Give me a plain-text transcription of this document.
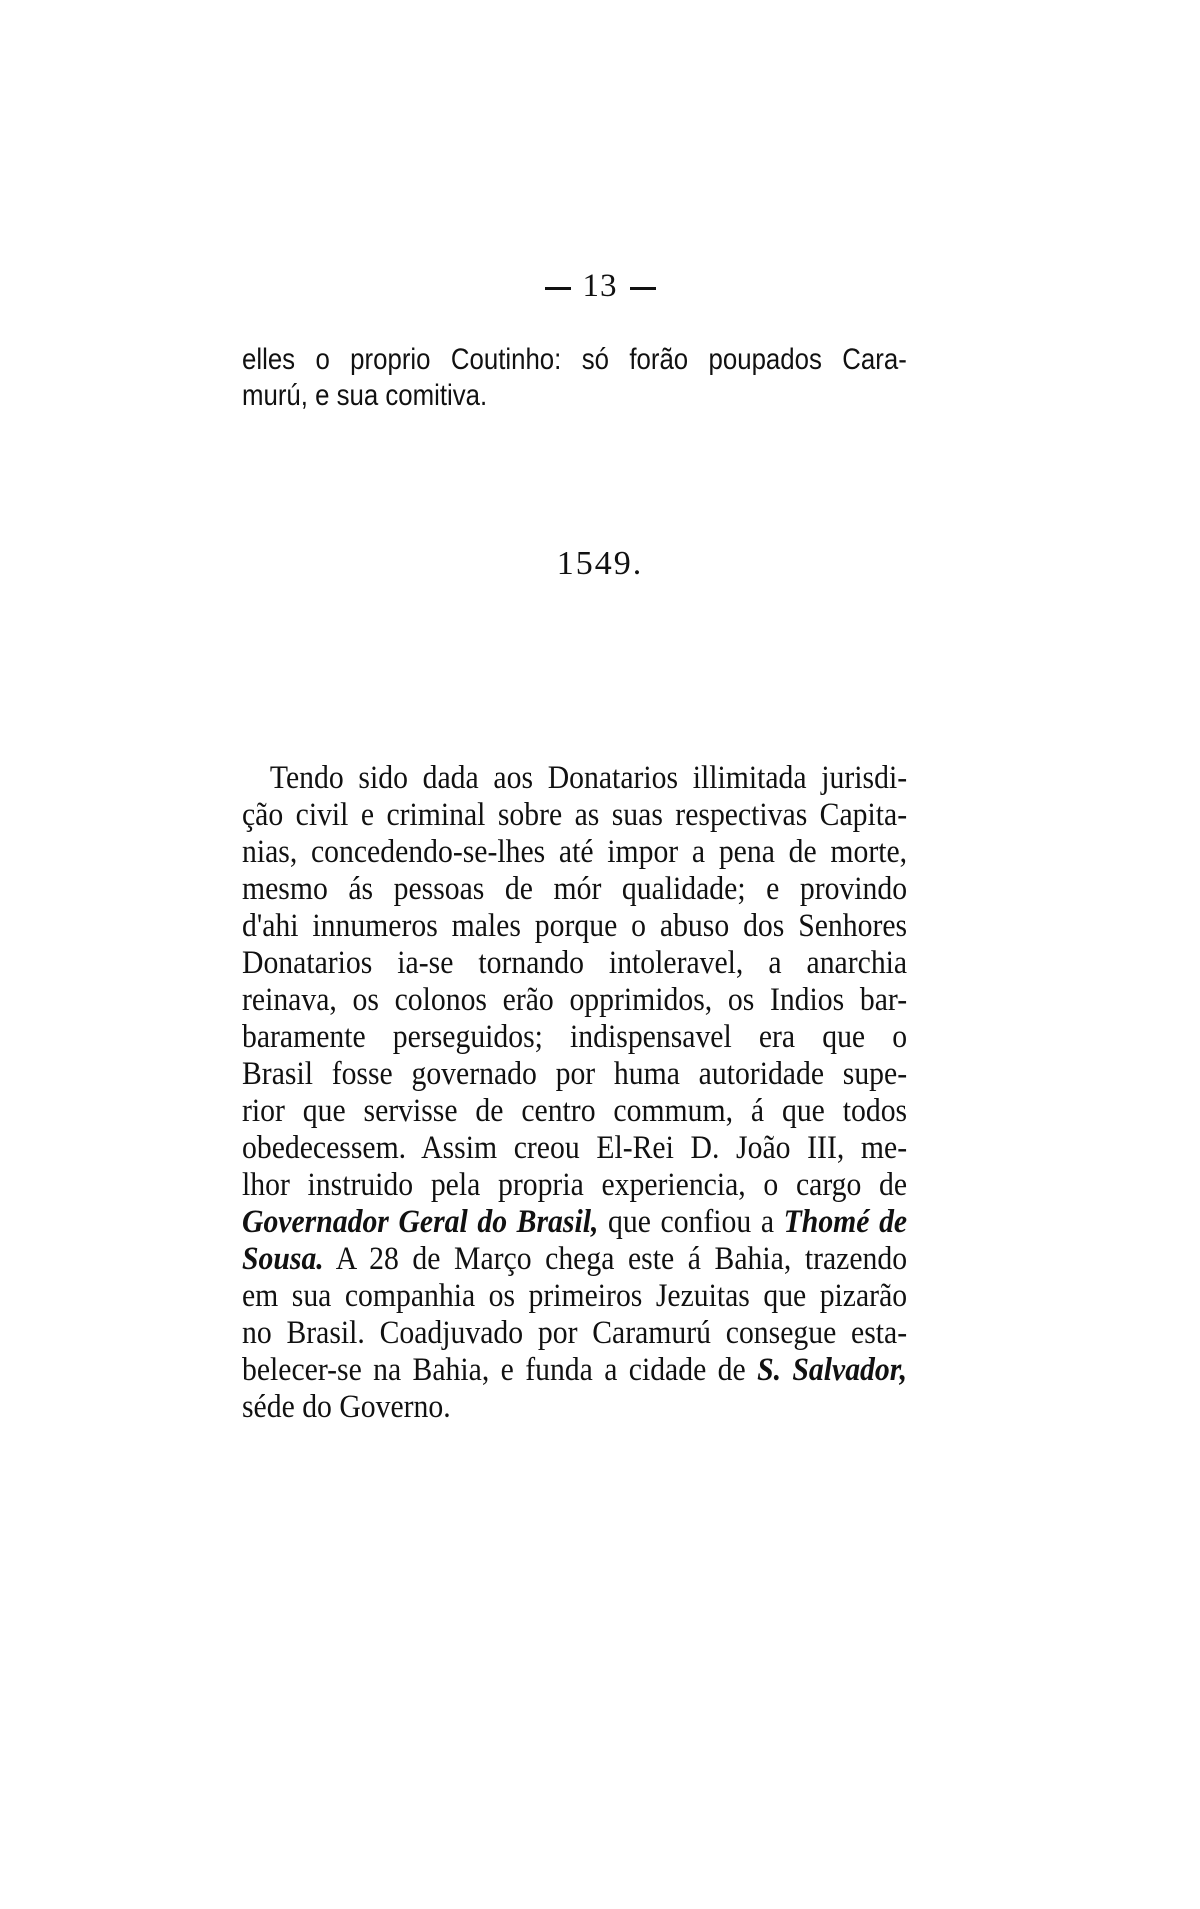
13
elles o proprio Coutinho: só forão poupados Cara-
murú, e sua comitiva.
1549.
Tendo sido dada aos Donatarios illimitada jurisdi-
ção civil e criminal sobre as suas respectivas Capita-
nias, concedendo-se-lhes até impor a pena de morte,
mesmo ás pessoas de mór qualidade; e provindo
d'ahi innumeros males porque o abuso dos Senhores
Donatarios ia-se tornando intoleravel, a anarchia
reinava, os colonos erão opprimidos, os Indios bar-
baramente perseguidos; indispensavel era que o
Brasil fosse governado por huma autoridade supe-
rior que servisse de centro commum, á que todos
obedecessem. Assim creou El-Rei D. João III, me-
lhor instruido pela propria experiencia, o cargo de
Governador Geral do Brasil, que confiou a Thomé de
Sousa. A 28 de Março chega este á Bahia, trazendo
em sua companhia os primeiros Jezuitas que pizarão
no Brasil. Coadjuvado por Caramurú consegue esta-
belecer-se na Bahia, e funda a cidade de S. Salvador,
séde do Governo.
